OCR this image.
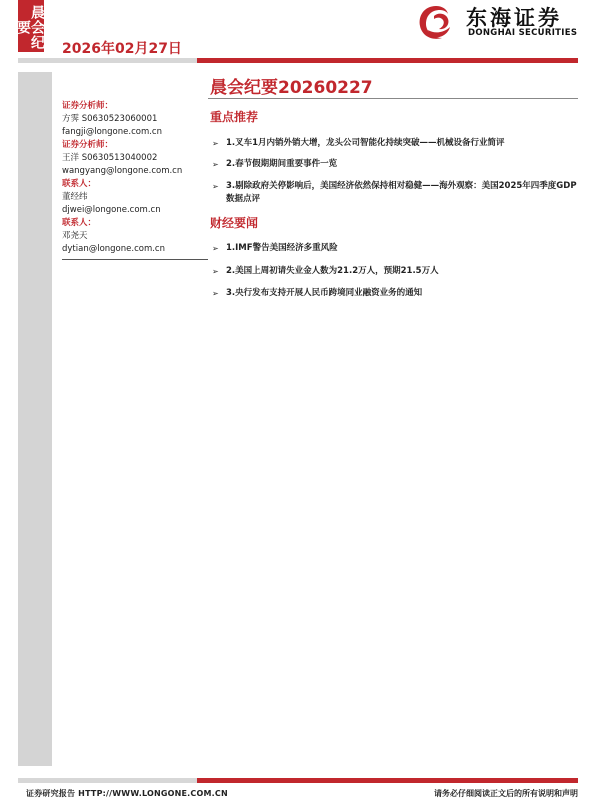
晨会纪要
2026年02月27日
东海证券
DONGHAI SECURITIES
证券分析师：
方霁 S0630523060001
fangji@longone.com.cn
证券分析师：
王洋 S0630513040002
wangyang@longone.com.cn
联系人：
董经纬
djwei@longone.com.cn
联系人：
邓尧天
dytian@longone.com.cn
晨会纪要20260227
重点推荐
➢ 1.叉车1月内销外销大增，龙头公司智能化持续突破——机械设备行业简评
➢ 2.春节假期期间重要事件一览
➢ 3.剔除政府关停影响后，美国经济依然保持相对稳健——海外观察：美国2025年四季度GDP数据点评
财经要闻
➢ 1.IMF警告美国经济多重风险
➢ 2.美国上周初请失业金人数为21.2万人，预期21.5万人
➢ 3.央行发布支持开展人民币跨境同业融资业务的通知
证券研究报告 HTTP://WWW.LONGONE.COM.CN	请务必仔细阅读正文后的所有说明和声明
